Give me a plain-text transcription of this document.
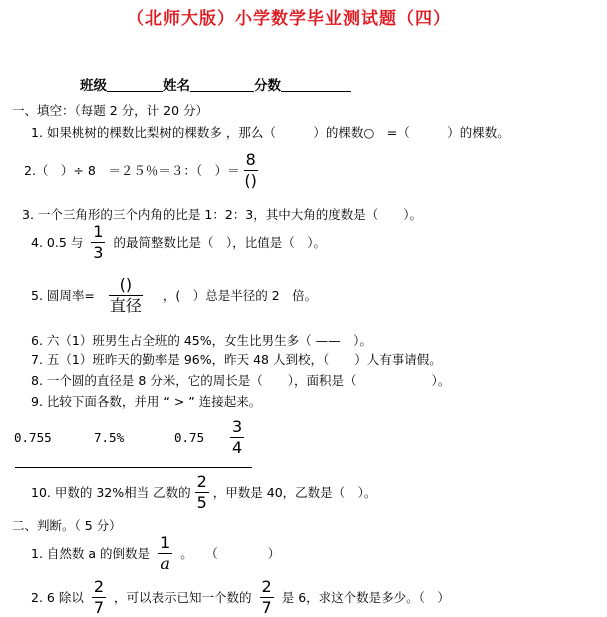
（北师大版）小学数学毕业测试题（四）
班级	姓名	分数
一、填空：（每题 2 分，计 20 分）
1. 如果桃树的棵数比梨树的棵数多 ，那么（　　　）的棵数○　=（　　　）的棵数。
2.（　）÷ 8　＝２５％＝３：（　）＝ $\frac{8}{()}$
3. 一个三角形的三个内角的比是 1：2：3，其中大角的度数是（　　）。
4. 0.5 与 $\frac{1}{3}$ 的最简整数比是（　），比值是（　）。
5. 圆周率= $\frac{()}{\text{直径}}$ ，(　）总是半径的 2　倍。
6. 六（1）班男生占全班的 45%，女生比男生多（ ——　）。
7. 五（1）班昨天的勤率是 96%，昨天 48 人到校，（　　）人有事请假。
8. 一个圆的直径是 8 分米，它的周长是（　　），面积是（　　　　　　）。
9. 比较下面各数，并用 “ > ” 连接起来。
0.755	7.5%	0.75	$\frac{3}{4}$
10. 甲数的 32%相当 乙数的 $\frac{2}{5}$ ，甲数是 40，乙数是（　）。
二、判断。（ 5 分）
1. 自然数 a 的倒数是 $\frac{1}{a}$ 。　　（　　　　）
2. 6 除以 $\frac{2}{7}$ ，可以表示已知一个数的 $\frac{2}{7}$ 是 6，求这个数是多少。（　）
